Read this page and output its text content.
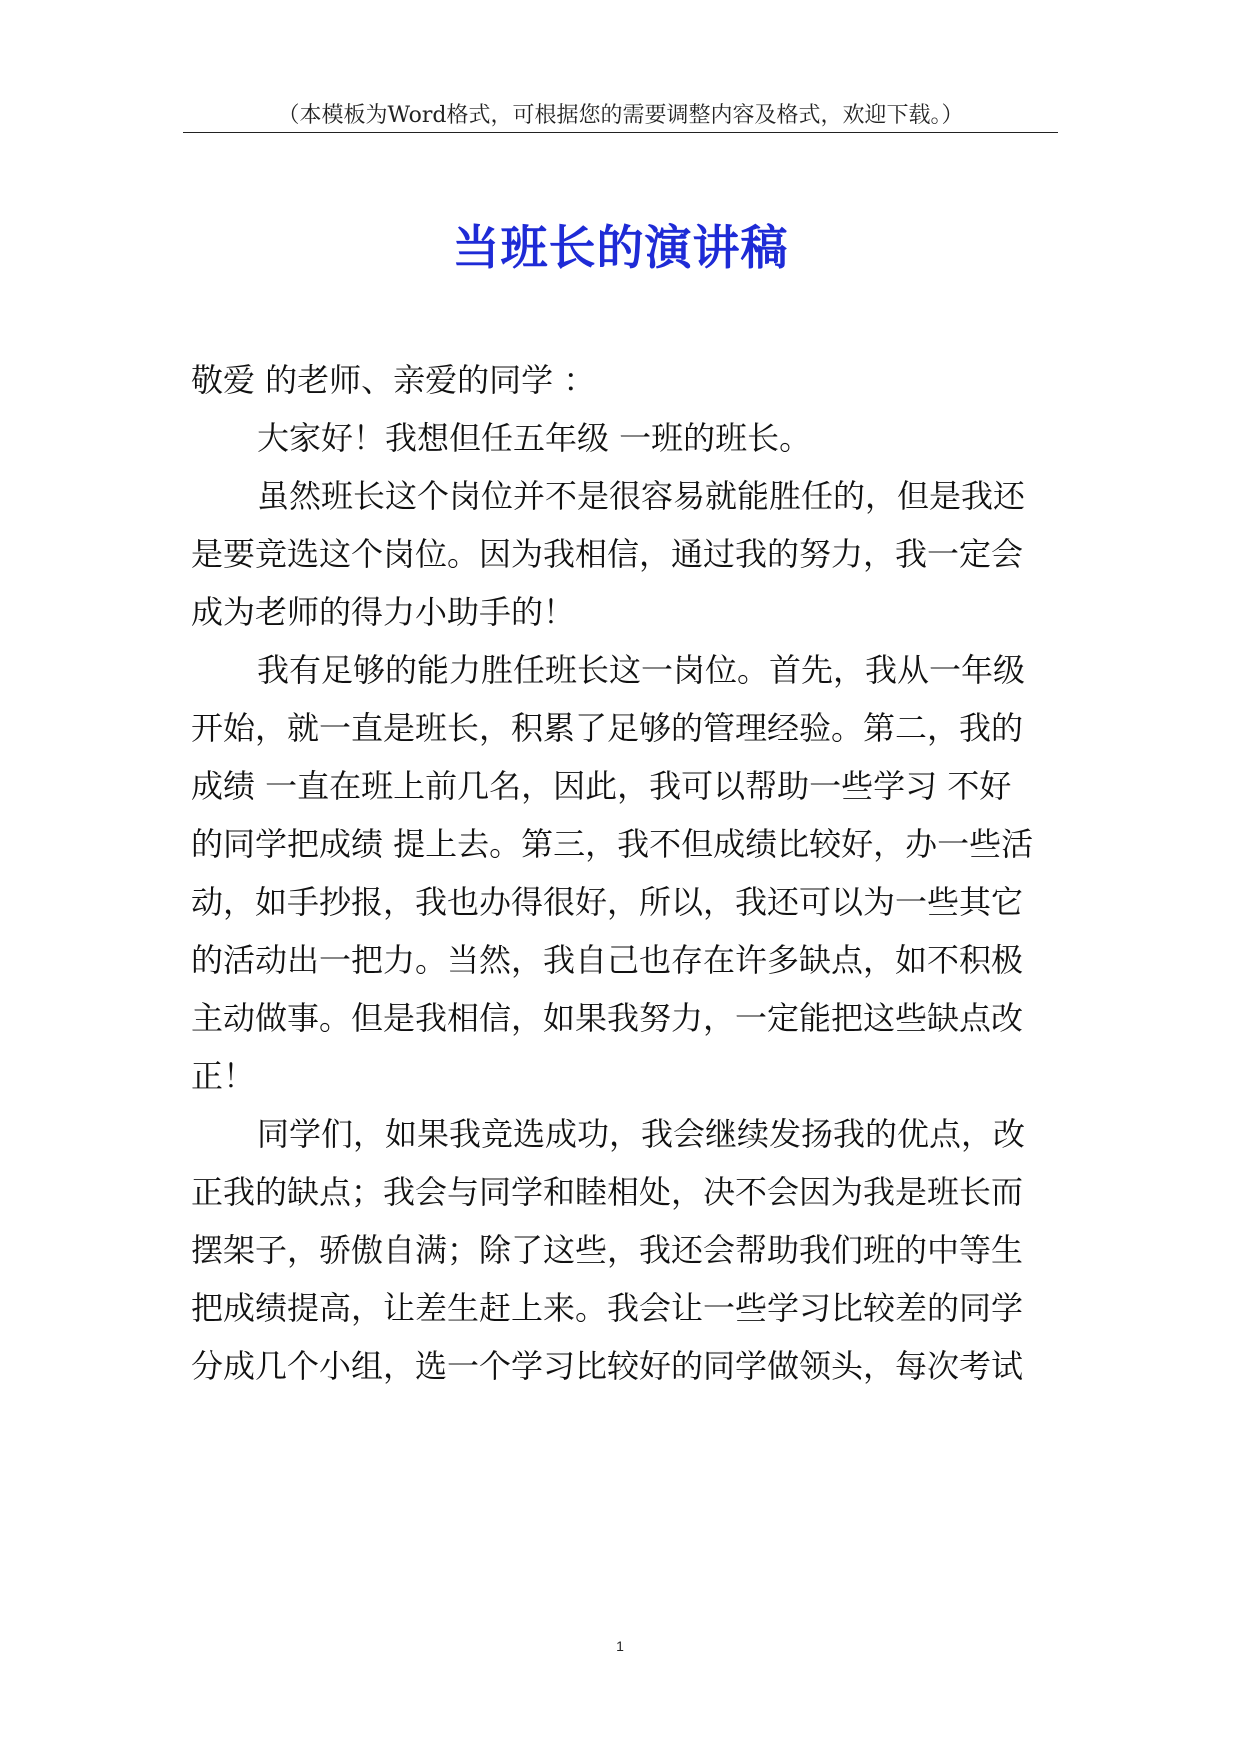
（本模板为Word格式，可根据您的需要调整内容及格式，欢迎下载。）
当班长的演讲稿
敬爱 的老师、亲爱的同学 ：
大家好！我想但任五年级 一班的班长。
虽然班长这个岗位并不是很容易就能胜任的，但是我还
是要竞选这个岗位。因为我相信，通过我的努力，我一定会
成为老师的得力小助手的！
我有足够的能力胜任班长这一岗位。首先，我从一年级
开始，就一直是班长，积累了足够的管理经验。第二，我的
成绩 一直在班上前几名，因此，我可以帮助一些学习 不好
的同学把成绩 提上去。第三，我不但成绩比较好，办一些活
动，如手抄报，我也办得很好，所以，我还可以为一些其它
的活动出一把力。当然，我自己也存在许多缺点，如不积极
主动做事。但是我相信，如果我努力，一定能把这些缺点改
正！
同学们，如果我竞选成功，我会继续发扬我的优点，改
正我的缺点；我会与同学和睦相处，决不会因为我是班长而
摆架子，骄傲自满；除了这些，我还会帮助我们班的中等生
把成绩提高，让差生赶上来。我会让一些学习比较差的同学
分成几个小组，选一个学习比较好的同学做领头，每次考试
1
